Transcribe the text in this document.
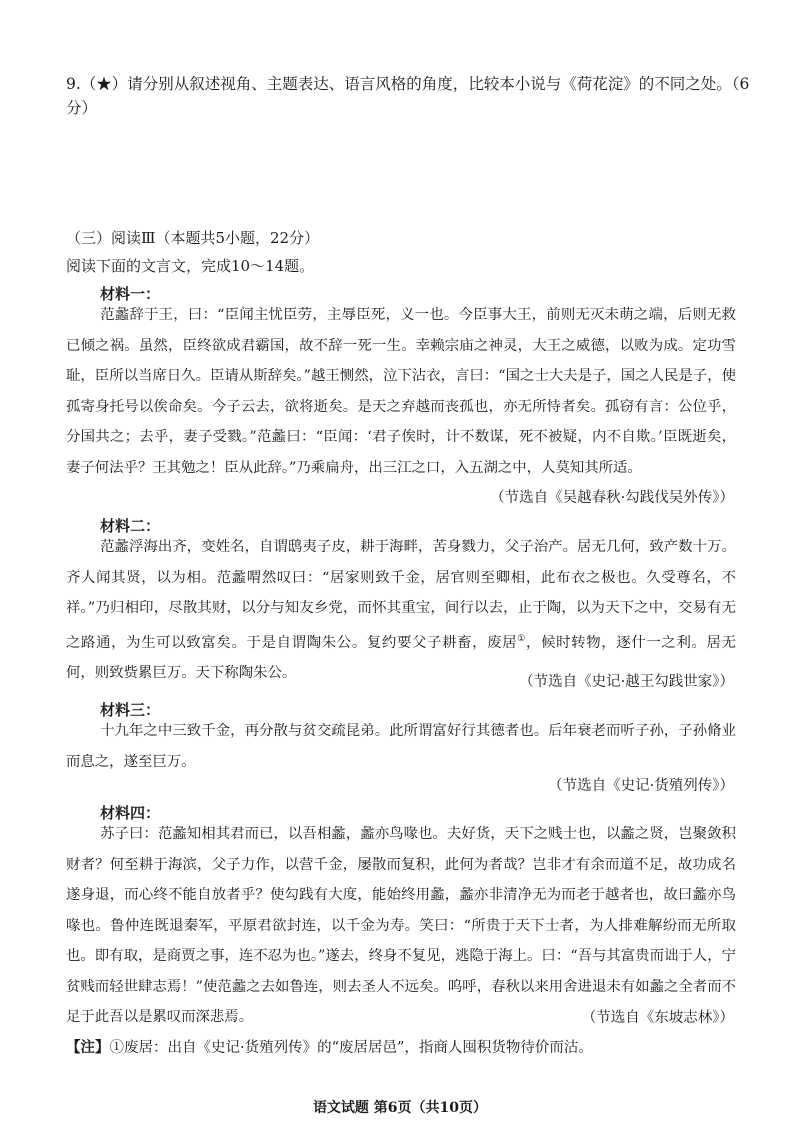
9.（★）请分别从叙述视角、主题表达、语言风格的角度，比较本小说与《荷花淀》的不同之处。（6分）
（三）阅读Ⅲ（本题共5小题，22分）
阅读下面的文言文，完成10～14题。
材料一：
范蠡辞于王，曰：“臣闻主忧臣劳，主辱臣死，义一也。今臣事大王，前则无灭未萌之端，后则无救已倾之祸。虽然，臣终欲成君霸国，故不辞一死一生。幸赖宗庙之神灵，大王之威德，以败为成。定功雪耻，臣所以当席日久。臣请从斯辞矣。”越王恻然，泣下沾衣，言曰：“国之士大夫是子，国之人民是子，使孤寄身托号以俟命矣。今子云去，欲将逝矣。是天之弃越而丧孤也，亦无所恃者矣。孤窃有言：公位乎，分国共之；去乎，妻子受戮。”范蠡曰：“臣闻：‘君子俟时，计不数谋，死不被疑，内不自欺。’臣既逝矣，妻子何法乎？王其勉之！臣从此辞。”乃乘扁舟，出三江之口，入五湖之中，人莫知其所适。
（节选自《吴越春秋·勾践伐吴外传》）
材料二：
范蠡浮海出齐，变姓名，自谓鸱夷子皮，耕于海畔，苦身戮力，父子治产。居无几何，致产数十万。齐人闻其贤，以为相。范蠡喟然叹曰：“居家则致千金，居官则至卿相，此布衣之极也。久受尊名，不祥。”乃归相印，尽散其财，以分与知友乡党，而怀其重宝，间行以去，止于陶，以为天下之中，交易有无之路通，为生可以致富矣。于是自谓陶朱公。复约要父子耕畜，废居①，候时转物，逐什一之利。居无何，则致赀累巨万。天下称陶朱公。
（节选自《史记·越王勾践世家》）
材料三：
十九年之中三致千金，再分散与贫交疏昆弟。此所谓富好行其德者也。后年衰老而听子孙，子孙脩业而息之，遂至巨万。
（节选自《史记·货殖列传》）
材料四：
苏子曰：范蠡知相其君而已，以吾相蠡，蠡亦鸟喙也。夫好货，天下之贱士也，以蠡之贤，岂聚敛积财者？何至耕于海滨，父子力作，以营千金，屡散而复积，此何为者哉？岂非才有余而道不足，故功成名遂身退，而心终不能自放者乎？使勾践有大度，能始终用蠡，蠡亦非清净无为而老于越者也，故曰蠡亦鸟喙也。鲁仲连既退秦军，平原君欲封连，以千金为寿。笑曰：“所贵于天下士者，为人排难解纷而无所取也。即有取，是商贾之事，连不忍为也。”遂去，终身不复见，逃隐于海上。曰：“吾与其富贵而诎于人，宁贫贱而轻世肆志焉！”使范蠡之去如鲁连，则去圣人不远矣。呜呼，春秋以来用舍进退未有如蠡之全者而不足于此吾以是累叹而深悲焉。	（节选自《东坡志林》）
【注】①废居：出自《史记·货殖列传》的“废居居邑”，指商人囤积货物待价而沽。
语文试题 第6页（共10页）
